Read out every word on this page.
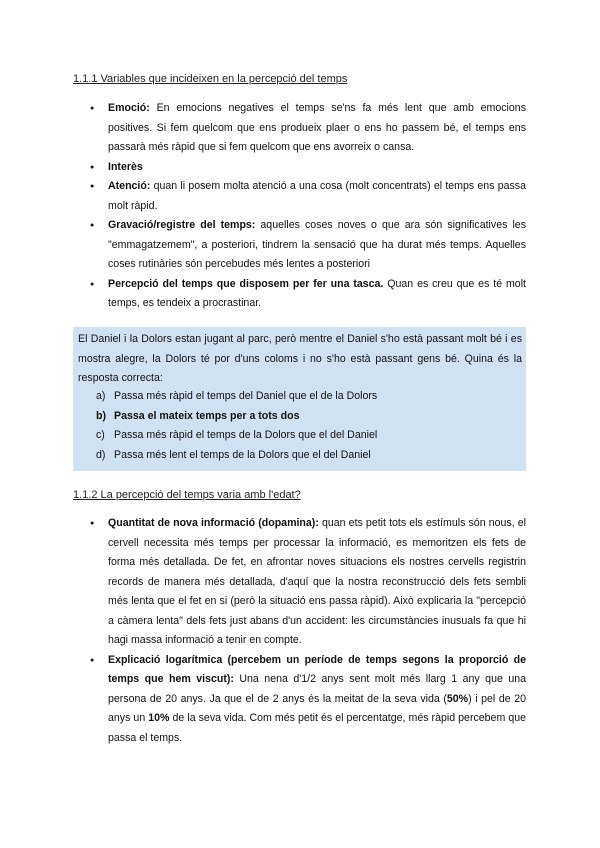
1.1.1 Variables que incideixen en la percepció del temps
● Emoció: En emocions negatives el temps se'ns fa més lent que amb emocions positives. Si fem quelcom que ens produeix plaer o ens ho passem bé, el temps ens passarà més ràpid que si fem quelcom que ens avorreix o cansa.
● Interès
● Atenció: quan li posem molta atenció a una cosa (molt concentrats) el temps ens passa molt ràpid.
● Gravació/registre del temps: aquelles coses noves o que ara són significatives les "emmagatzemem", a posteriori, tindrem la sensació que ha durat més temps. Aquelles coses rutinàries són percebudes més lentes a posteriori
● Percepció del temps que disposem per fer una tasca. Quan es creu que es té molt temps, es tendeix a procrastinar.
El Daniel i la Dolors estan jugant al parc, però mentre el Daniel s'ho està passant molt bé i es mostra alegre, la Dolors té por d'uns coloms i no s'ho està passant gens bé. Quina és la resposta correcta:
a) Passa més ràpid el temps del Daniel que el de la Dolors
b) Passa el mateix temps per a tots dos
c) Passa més ràpid el temps de la Dolors que el del Daniel
d) Passa més lent el temps de la Dolors que el del Daniel
1.1.2 La percepció del temps varia amb l'edat?
● Quantitat de nova informació (dopamina): quan ets petit tots els estímuls són nous, el cervell necessita més temps per processar la informació, es memoritzen els fets de forma més detallada. De fet, en afrontar noves situacions els nostres cervells registrin records de manera més detallada, d'aquí que la nostra reconstrucció dels fets sembli més lenta que el fet en si (però la situació ens passa ràpid). Això explicaria la "percepció a càmera lenta" dels fets just abans d'un accident: les circumstàncies inusuals fa que hi hagi massa informació a tenir en compte.
● Explicació logarítmica (percebem un període de temps segons la proporció de temps que hem viscut): Una nena d'1/2 anys sent molt més llarg 1 any que una persona de 20 anys. Ja que el de 2 anys és la meitat de la seva vida (50%) i pel de 20 anys un 10% de la seva vida. Com més petit és el percentatge, més ràpid percebem que passa el temps.
